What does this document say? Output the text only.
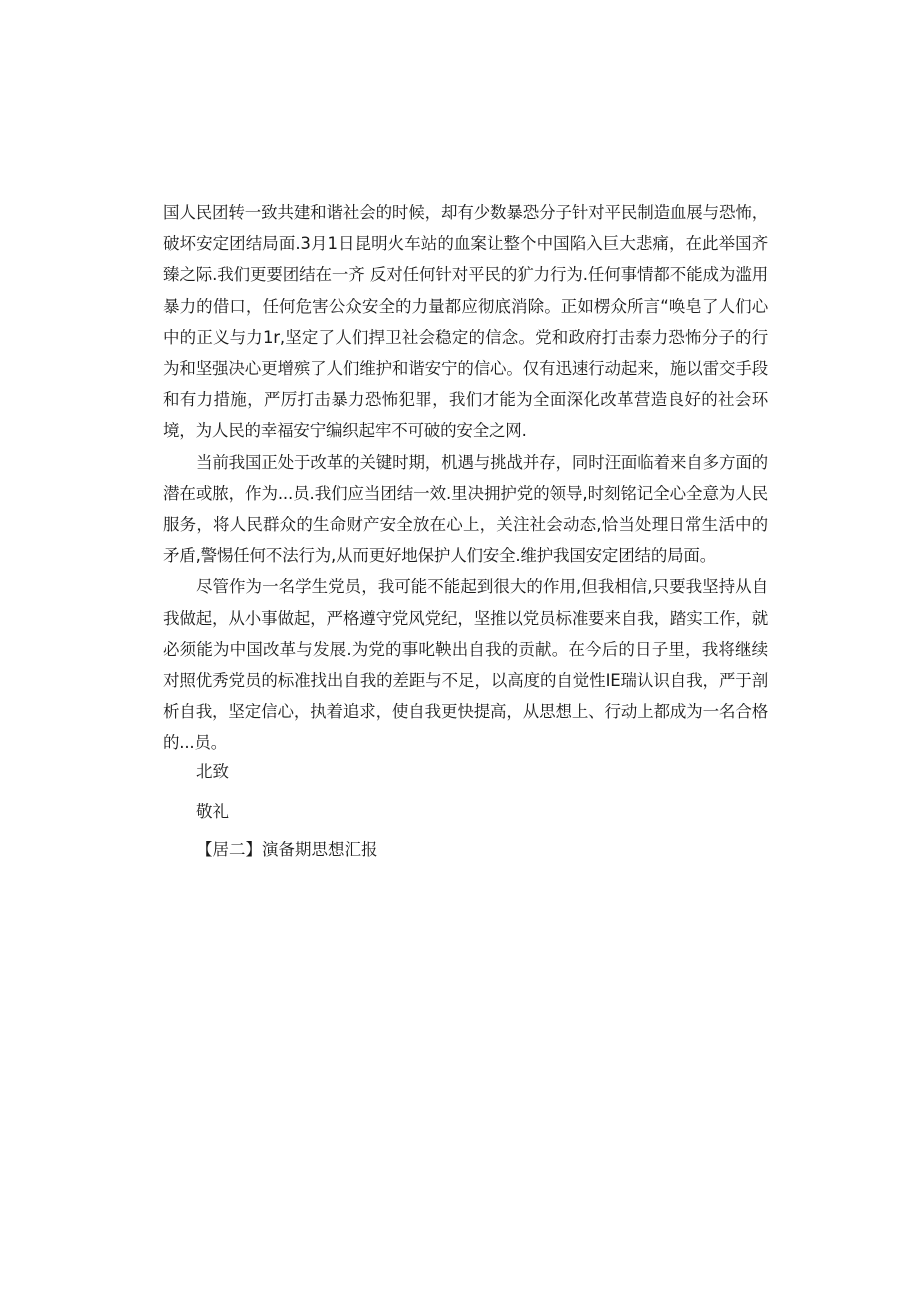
国人民团转一致共建和谐社会的时候，却有少数暴恐分子针对平民制造血展与恐怖，破坏安定团结局面.3月1日昆明火车站的血案让整个中国陷入巨大悲痛，在此举国齐臻之际.我们更要团结在一齐 反对任何针对平民的犷力行为.任何事情都不能成为滥用暴力的借口，任何危害公众安全的力量都应彻底消除。正如楞众所言“唤皂了人们心中的正义与力1r,坚定了人们捍卫社会稳定的信念。党和政府打击泰力恐怖分子的行为和坚强决心更增殡了人们维护和谐安宁的信心。仅有迅速行动起来，施以雷交手段和有力措施，严厉打击暴力恐怖犯罪，我们才能为全面深化改革营造良好的社会环境，为人民的幸福安宁编织起牢不可破的安全之网.

当前我国正处于改革的关键时期，机遇与挑战并存，同时汪面临着来自多方面的潜在或脓，作为...员.我们应当团结一效.里决拥护党的领导,时刻铭记全心全意为人民服务，将人民群众的生命财产安全放在心上，关注社会动态,恰当处理日常生活中的矛盾,警惕任何不法行为,从而更好地保护人们安全.维护我国安定团结的局面。

尽管作为一名学生党员，我可能不能起到很大的作用,但我相信,只要我坚持从自我做起，从小事做起，严格遵守党风党纪，坚推以党员标准要来自我，踏实工作，就必须能为中国改革与发展.为党的事叱鞅出自我的贡献。在今后的日子里，我将继续对照优秀党员的标准找出自我的差距与不足，以高度的自觉性IE瑞认识自我，严于剖析自我，坚定信心，执着追求，使自我更快提高，从思想上、行动上都成为一名合格的...员。

北致

敬礼

【居二】演备期思想汇报
